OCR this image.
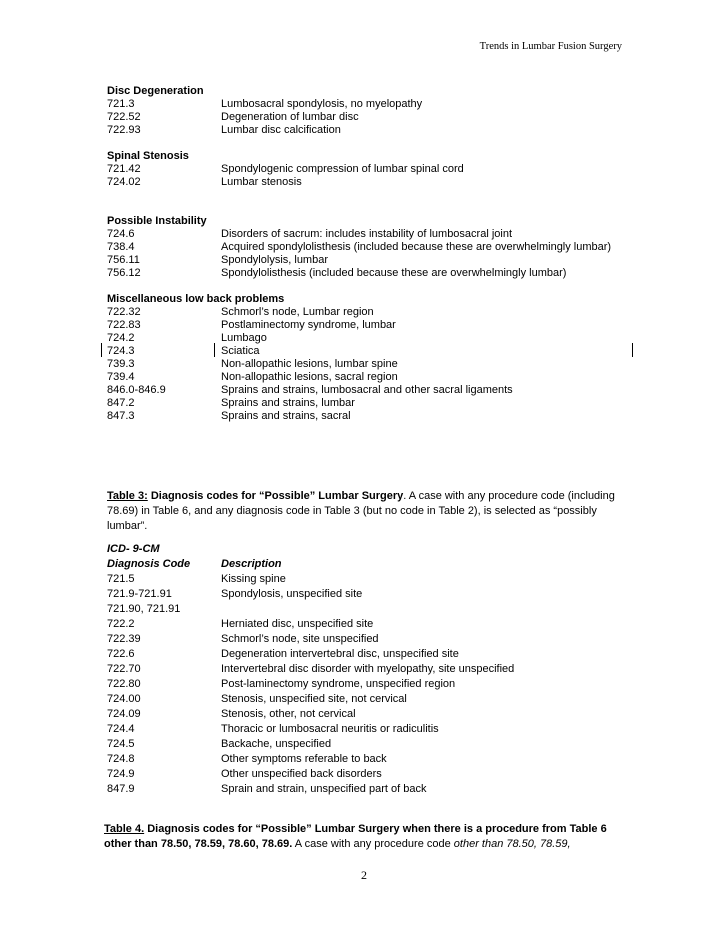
Trends in Lumbar Fusion Surgery
Disc Degeneration
721.3	Lumbosacral spondylosis, no myelopathy
722.52	Degeneration of lumbar disc
722.93	Lumbar disc calcification
Spinal Stenosis
721.42	Spondylogenic compression of lumbar spinal cord
724.02	Lumbar stenosis
Possible Instability
724.6	Disorders of sacrum: includes instability of lumbosacral joint
738.4	Acquired spondylolisthesis (included because these are overwhelmingly lumbar)
756.11	Spondylolysis, lumbar
756.12	Spondylolisthesis (included because these are overwhelmingly lumbar)
Miscellaneous low back problems
722.32	Schmorl’s node, Lumbar region
722.83	Postlaminectomy syndrome, lumbar
724.2	Lumbago
724.3	Sciatica
739.3	Non-allopathic lesions, lumbar spine
739.4	Non-allopathic lesions, sacral region
846.0-846.9	Sprains and strains, lumbosacral and other sacral ligaments
847.2	Sprains and strains, lumbar
847.3	Sprains and strains, sacral
Table 3: Diagnosis codes for “Possible” Lumbar Surgery. A case with any procedure code (including 78.69) in Table 6, and any diagnosis code in Table 3 (but no code in Table 2), is selected as “possibly lumbar”.
ICD- 9-CM
Diagnosis Code	Description
721.5	Kissing spine
721.9-721.91	Spondylosis, unspecified site
721.90, 721.91
722.2	Herniated disc, unspecified site
722.39	Schmorl’s node, site unspecified
722.6	Degeneration intervertebral disc, unspecified site
722.70	Intervertebral disc disorder with myelopathy, site unspecified
722.80	Post-laminectomy syndrome, unspecified region
724.00	Stenosis, unspecified site, not cervical
724.09	Stenosis, other, not cervical
724.4	Thoracic or lumbosacral neuritis or radiculitis
724.5	Backache, unspecified
724.8	Other symptoms referable to back
724.9	Other unspecified back disorders
847.9	Sprain and strain, unspecified part of back
Table 4. Diagnosis codes for “Possible” Lumbar Surgery when there is a procedure from Table 6 other than 78.50, 78.59, 78.60, 78.69. A case with any procedure code other than 78.50, 78.59,
2
